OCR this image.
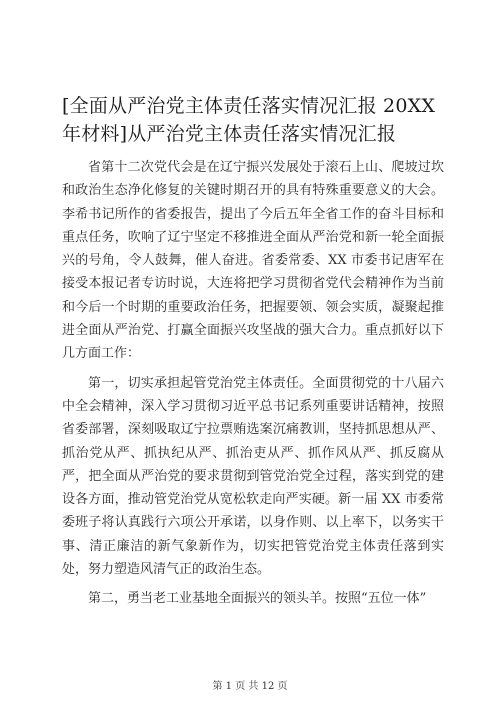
[全面从严治党主体责任落实情况汇报 20XX 年材料]从严治党主体责任落实情况汇报

省第十二次党代会是在辽宁振兴发展处于滚石上山、爬坡过坎和政治生态净化修复的关键时期召开的具有特殊重要意义的大会。李希书记所作的省委报告，提出了今后五年全省工作的奋斗目标和重点任务，吹响了辽宁坚定不移推进全面从严治党和新一轮全面振兴的号角，令人鼓舞，催人奋进。省委常委、XX 市委书记唐军在接受本报记者专访时说，大连将把学习贯彻省党代会精神作为当前和今后一个时期的重要政治任务，把握要领、领会实质，凝聚起推进全面从严治党、打赢全面振兴攻坚战的强大合力。重点抓好以下几方面工作：

第一，切实承担起管党治党主体责任。全面贯彻党的十八届六中全会精神，深入学习贯彻习近平总书记系列重要讲话精神，按照省委部署，深刻吸取辽宁拉票贿选案沉痛教训，坚持抓思想从严、抓治党从严、抓执纪从严、抓治吏从严、抓作风从严、抓反腐从严，把全面从严治党的要求贯彻到管党治党全过程，落实到党的建设各方面，推动管党治党从宽松软走向严实硬。新一届 XX 市委常委班子将认真践行六项公开承诺，以身作则、以上率下，以务实干事、清正廉洁的新气象新作为，切实把管党治党主体责任落到实处，努力塑造风清气正的政治生态。

第二，勇当老工业基地全面振兴的领头羊。按照“五位一体”

第 1 页 共 12 页
